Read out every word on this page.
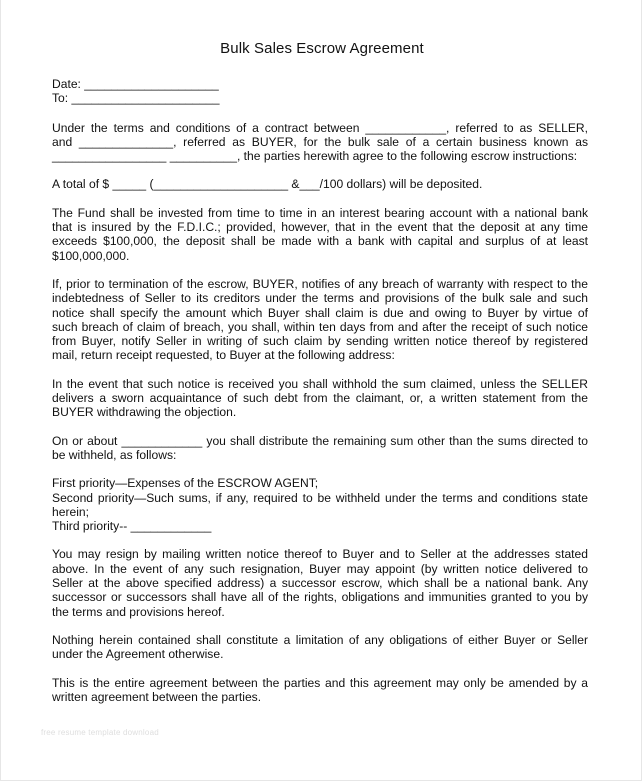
Bulk Sales Escrow Agreement
Date: ____________________
To: ______________________
Under the terms and conditions of a contract between ____________, referred to as SELLER,
and ______________, referred as BUYER, for the bulk sale of a certain business known as
_________________ __________, the parties herewith agree to the following escrow instructions:
A total of $ _____ (____________________ &___/100 dollars) will be deposited.
The Fund shall be invested from time to time in an interest bearing account with a national bank
that is insured by the F.D.I.C.; provided, however, that in the event that the deposit at any time
exceeds $100,000, the deposit shall be made with a bank with capital and surplus of at least
$100,000,000.
If, prior to termination of the escrow, BUYER, notifies of any breach of warranty with respect to the
indebtedness of Seller to its creditors under the terms and provisions of the bulk sale and such
notice shall specify the amount which Buyer shall claim is due and owing to Buyer by virtue of
such breach of claim of breach, you shall, within ten days from and after the receipt of such notice
from Buyer, notify Seller in writing of such claim by sending written notice thereof by registered
mail, return receipt requested, to Buyer at the following address:
In the event that such notice is received you shall withhold the sum claimed, unless the SELLER
delivers a sworn acquaintance of such debt from the claimant, or, a written statement from the
BUYER withdrawing the objection.
On or about ____________ you shall distribute the remaining sum other than the sums directed to
be withheld, as follows:
First priority—Expenses of the ESCROW AGENT;
Second priority—Such sums, if any, required to be withheld under the terms and conditions state
herein;
Third priority-- ____________
You may resign by mailing written notice thereof to Buyer and to Seller at the addresses stated
above. In the event of any such resignation, Buyer may appoint (by written notice delivered to
Seller at the above specified address) a successor escrow, which shall be a national bank. Any
successor or successors shall have all of the rights, obligations and immunities granted to you by
the terms and provisions hereof.
Nothing herein contained shall constitute a limitation of any obligations of either Buyer or Seller
under the Agreement otherwise.
This is the entire agreement between the parties and this agreement may only be amended by a
written agreement between the parties.
free resume template download
